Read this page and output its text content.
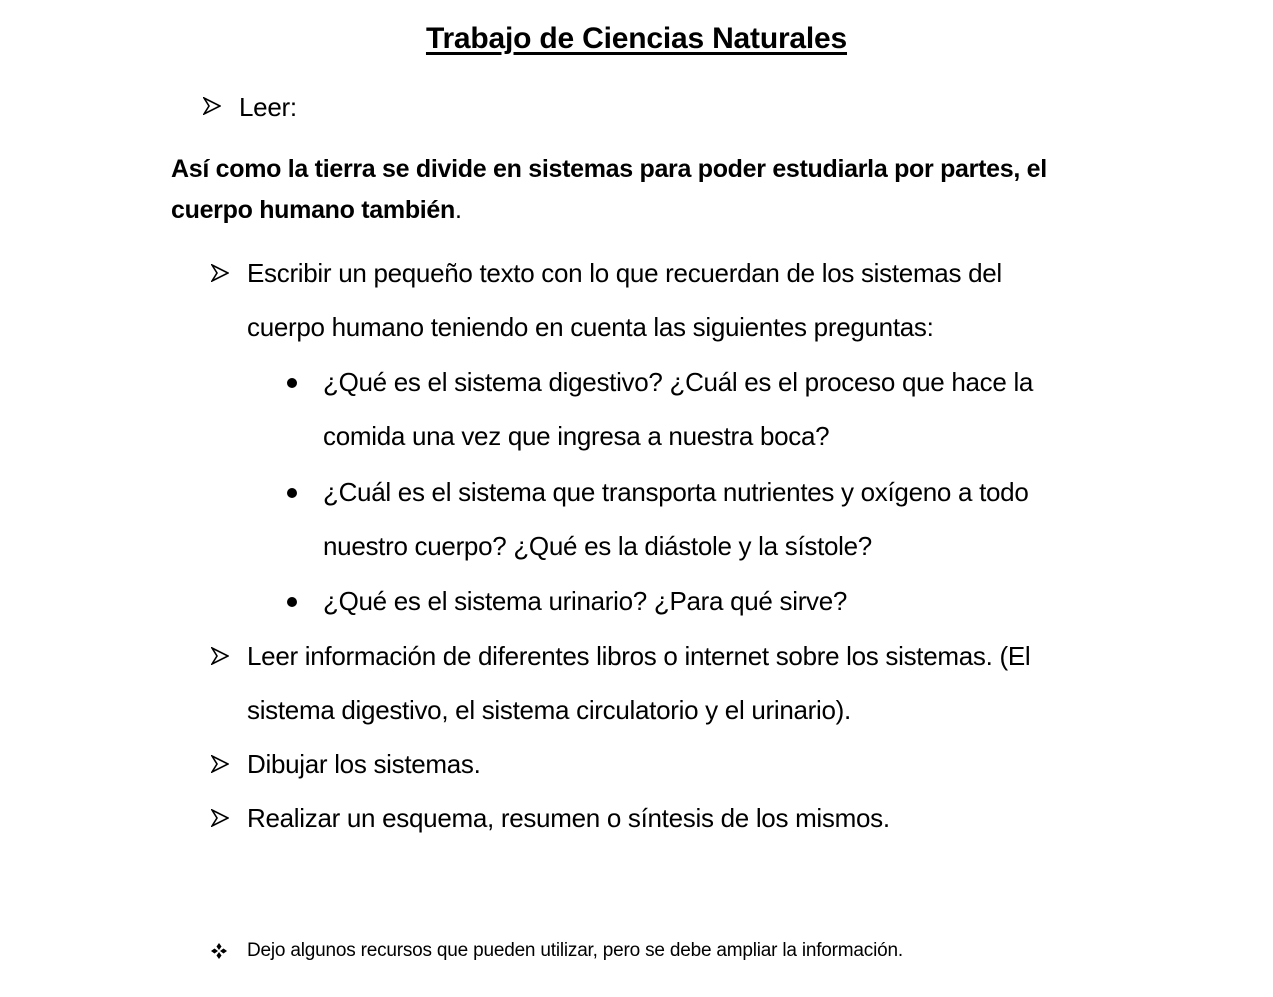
Trabajo de Ciencias Naturales
Leer:
Así como la tierra se divide en sistemas para poder estudiarla por partes, el
cuerpo humano también.
Escribir un pequeño texto con lo que recuerdan de los sistemas del
cuerpo humano teniendo en cuenta las siguientes preguntas:
¿Qué es el sistema digestivo? ¿Cuál es el proceso que hace la
comida una vez que ingresa a nuestra boca?
¿Cuál es el sistema que transporta nutrientes y oxígeno a todo
nuestro cuerpo? ¿Qué es la diástole y la sístole?
¿Qué es el sistema urinario? ¿Para qué sirve?
Leer información de diferentes libros o internet sobre los sistemas. (El
sistema digestivo, el sistema circulatorio y el urinario).
Dibujar los sistemas.
Realizar un esquema, resumen o síntesis de los mismos.
Dejo algunos recursos que pueden utilizar, pero se debe ampliar la información.
